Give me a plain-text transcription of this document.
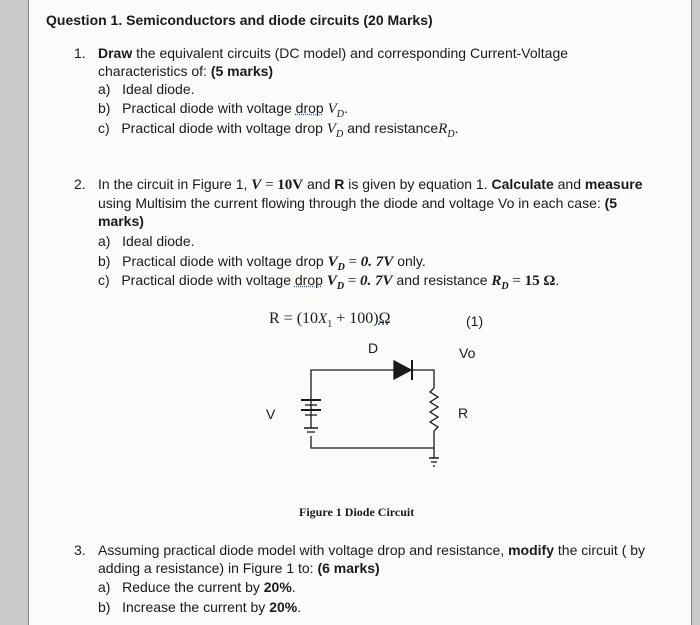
Question 1. Semiconductors and diode circuits (20 Marks)
1. Draw the equivalent circuits (DC model) and corresponding Current-Voltage
characteristics of: (5 marks)
a) Ideal diode.
b) Practical diode with voltage drop $V_D$.
c) Practical diode with voltage drop $V_D$ and resistanceR$_D$.
2. In the circuit in Figure 1, V = 10V and R is given by equation 1. Calculate and measure
using Multisim the current flowing through the diode and voltage Vo in each case: (5
marks)
a) Ideal diode.
b) Practical diode with voltage drop $V_D = 0$. 7V only.
c) Practical diode with voltage drop $V_D = 0$. 7V and resistance $R_D = 15$ Ω.
$R = (10X_1 + 100)\Omega$	(1)
D	Vo
V	R
Figure 1 Diode Circuit
3. Assuming practical diode model with voltage drop and resistance, modify the circuit ( by
adding a resistance) in Figure 1 to: (6 marks)
a) Reduce the current by 20%.
b) Increase the current by 20%.
